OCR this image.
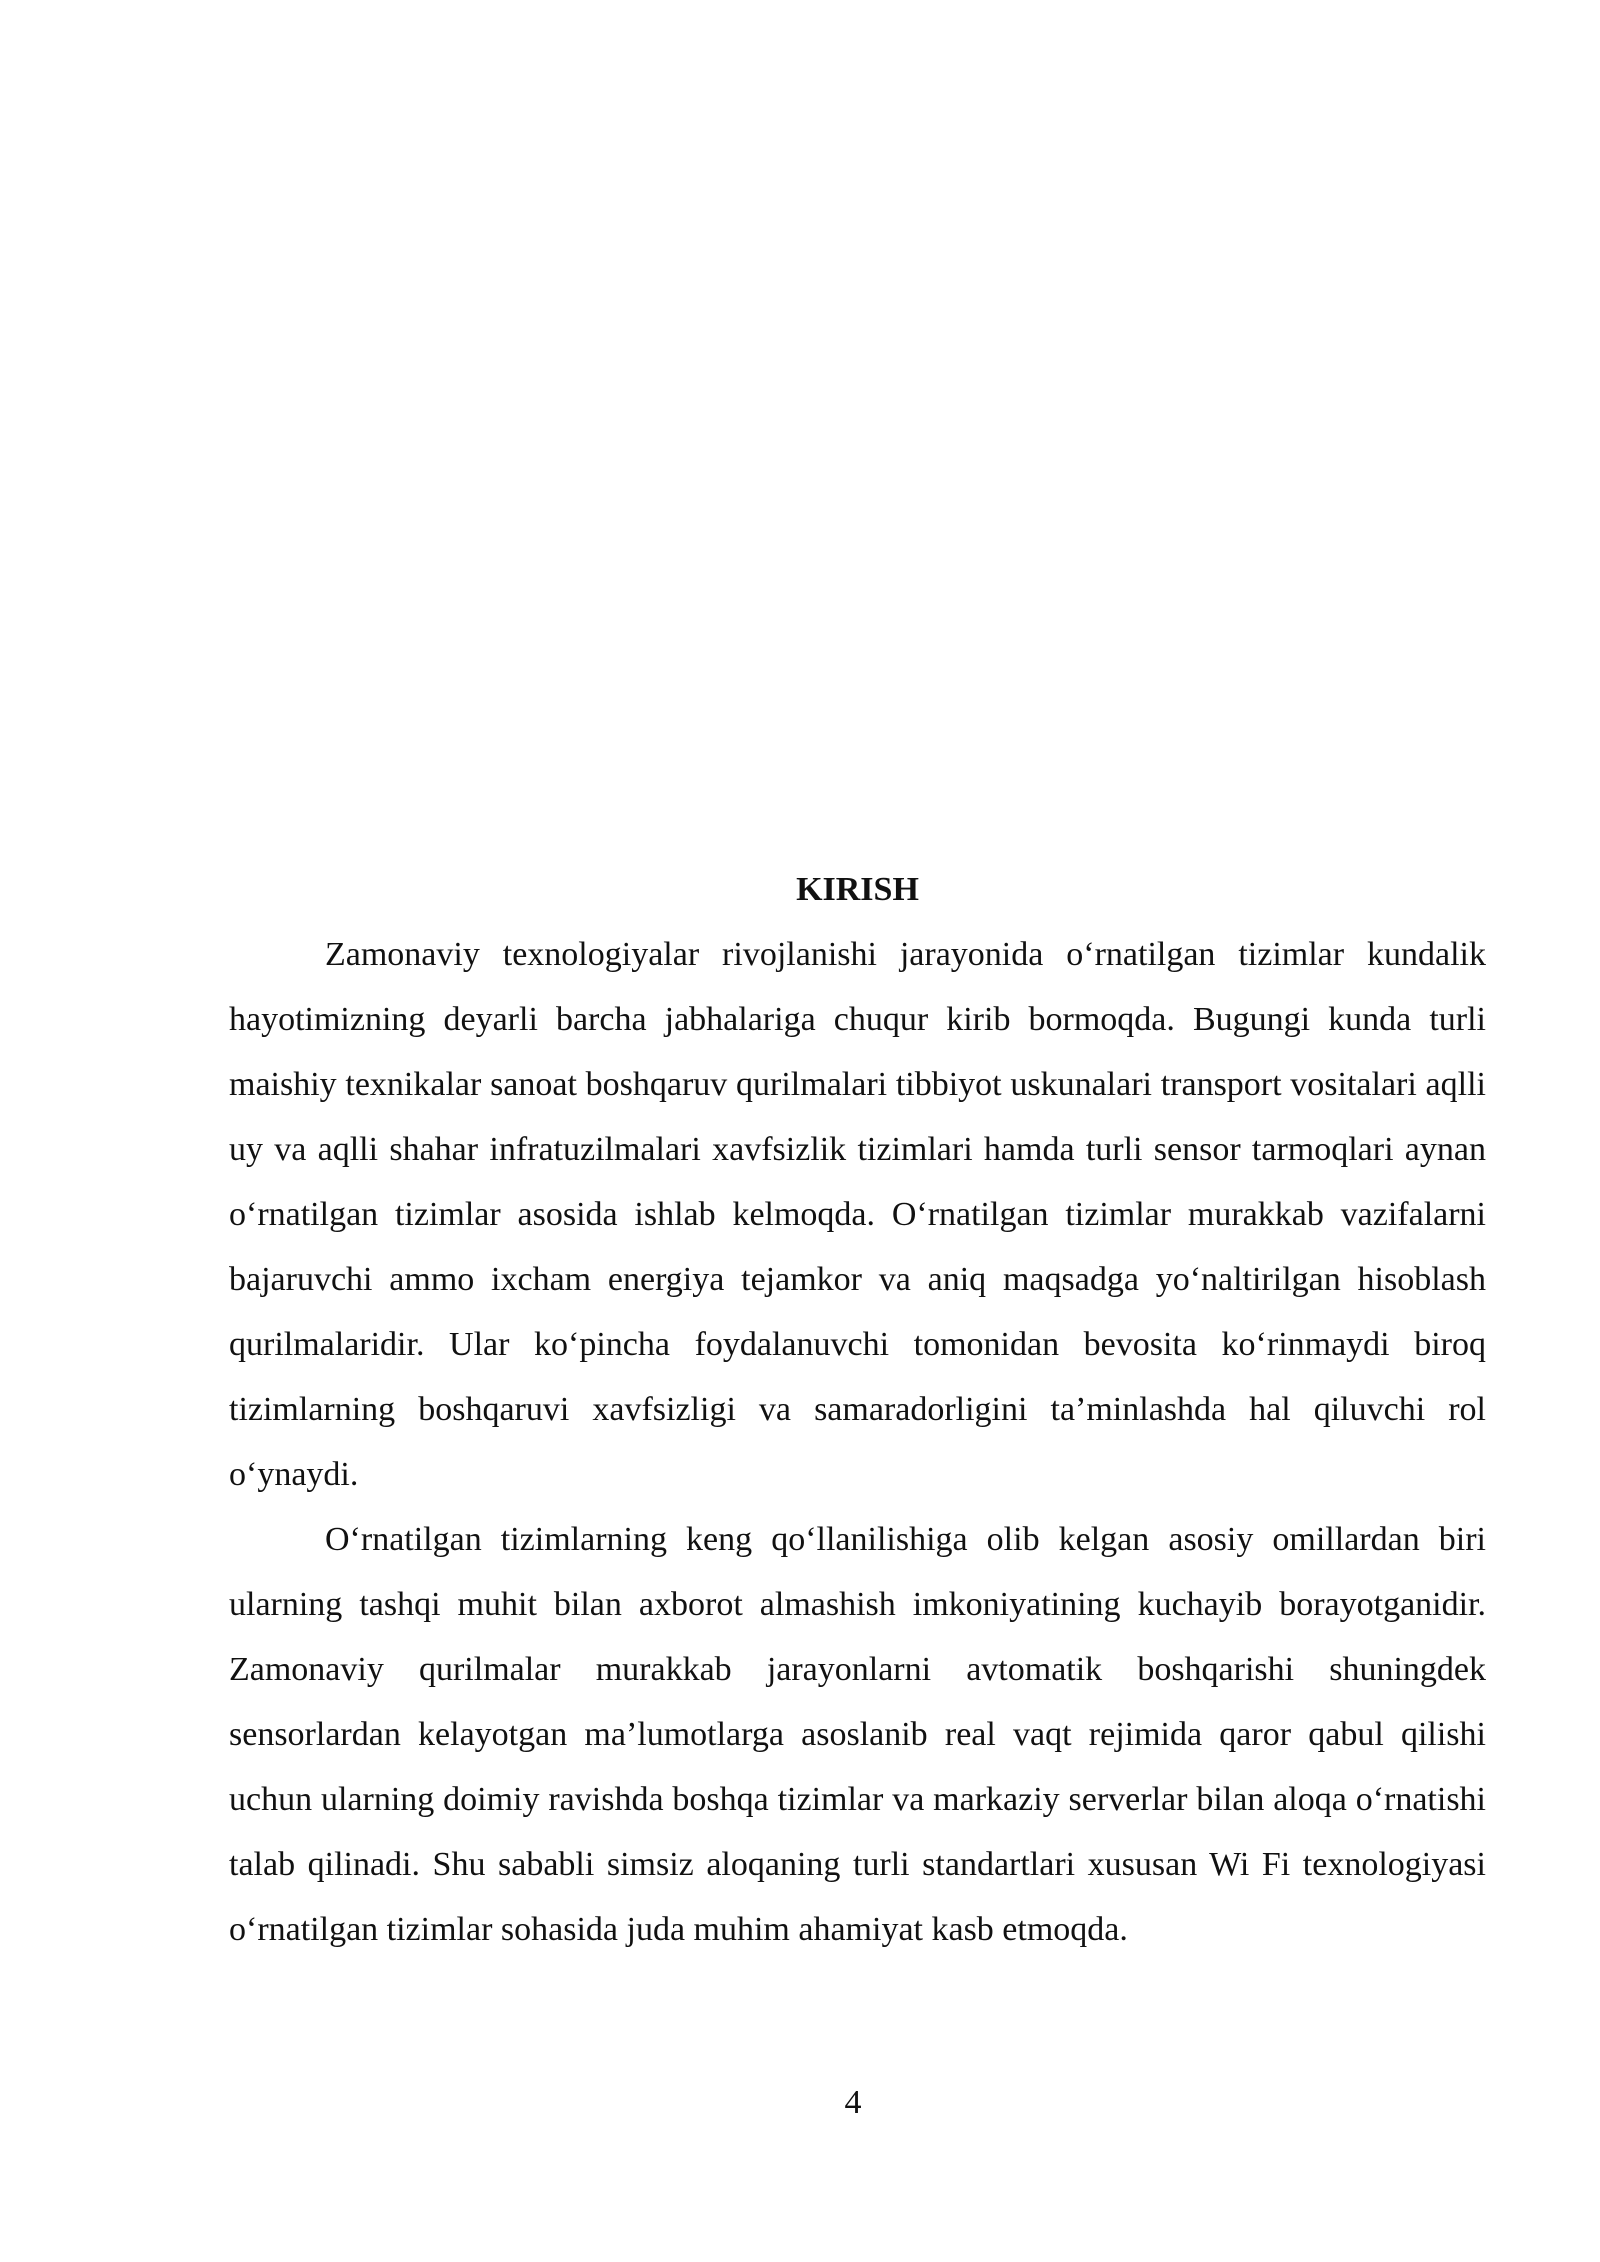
KIRISH

Zamonaviy texnologiyalar rivojlanishi jarayonida o‘rnatilgan tizimlar kundalik hayotimizning deyarli barcha jabhalariga chuqur kirib bormoqda. Bugungi kunda turli maishiy texnikalar sanoat boshqaruv qurilmalari tibbiyot uskunalari transport vositalari aqlli uy va aqlli shahar infratuzilmalari xavfsizlik tizimlari hamda turli sensor tarmoqlari aynan o‘rnatilgan tizimlar asosida ishlab kelmoqda. O‘rnatilgan tizimlar murakkab vazifalarni bajaruvchi ammo ixcham energiya tejamkor va aniq maqsadga yo‘naltirilgan hisoblash qurilmalaridir. Ular ko‘pincha foydalanuvchi tomonidan bevosita ko‘rinmaydi biroq tizimlarning boshqaruvi xavfsizligi va samaradorligini ta’minlashda hal qiluvchi rol o‘ynaydi.

O‘rnatilgan tizimlarning keng qo‘llanilishiga olib kelgan asosiy omillardan biri ularning tashqi muhit bilan axborot almashish imkoniyatining kuchayib borayotganidir. Zamonaviy qurilmalar murakkab jarayonlarni avtomatik boshqarishi shuningdek sensorlardan kelayotgan ma’lumotlarga asoslanib real vaqt rejimida qaror qabul qilishi uchun ularning doimiy ravishda boshqa tizimlar va markaziy serverlar bilan aloqa o‘rnatishi talab qilinadi. Shu sababli simsiz aloqaning turli standartlari xususan Wi Fi texnologiyasi o‘rnatilgan tizimlar sohasida juda muhim ahamiyat kasb etmoqda.

4
